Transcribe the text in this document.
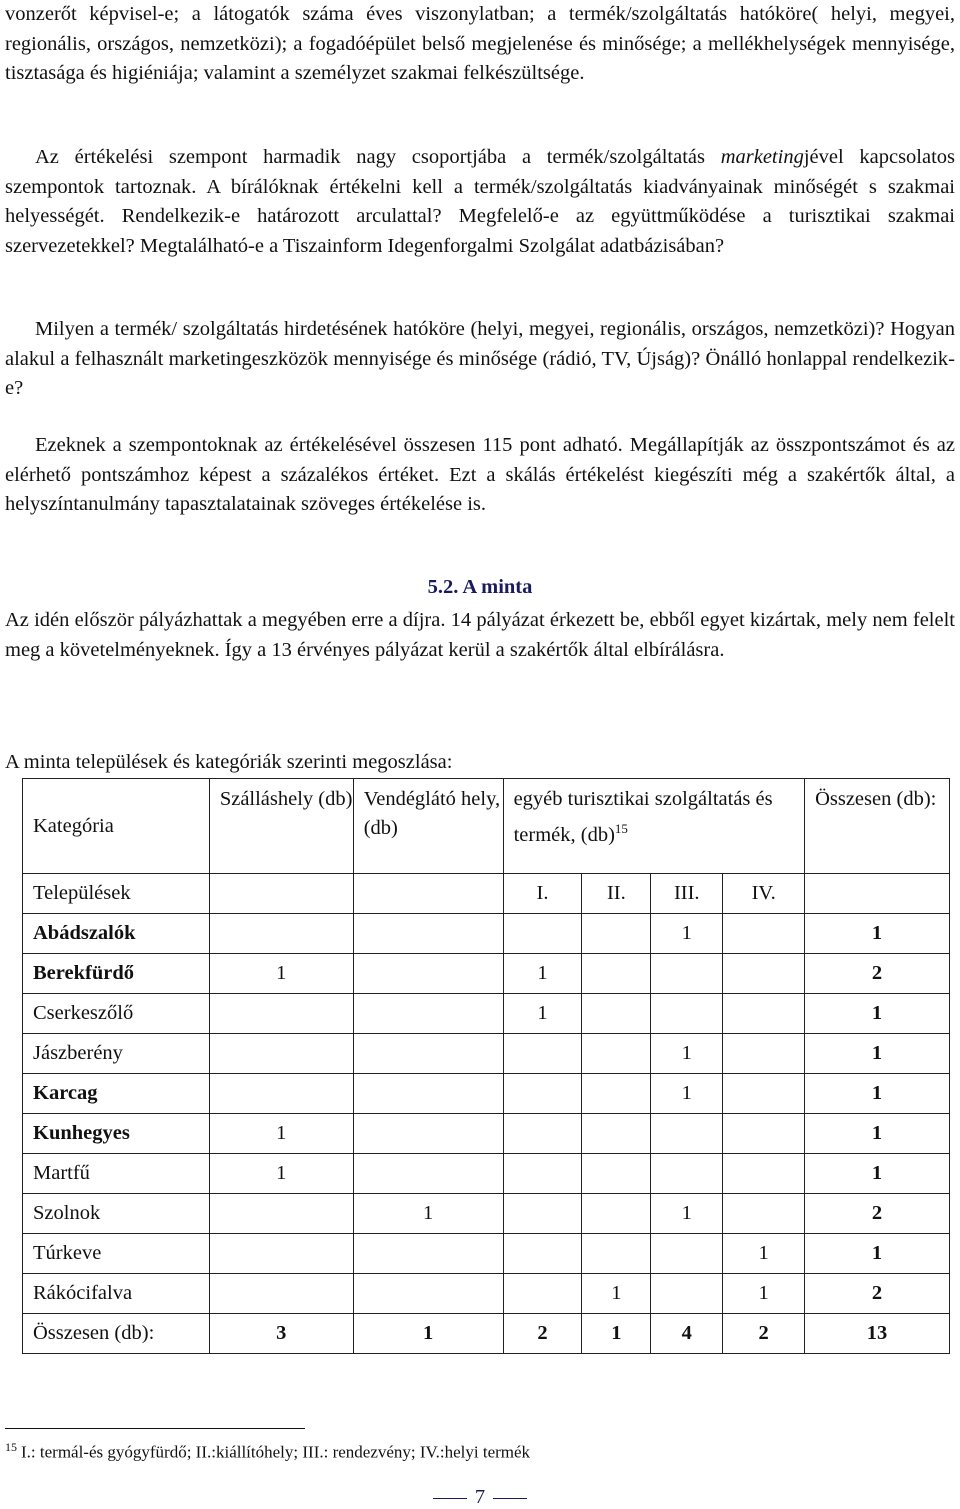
vonzerőt képvisel-e; a látogatók száma éves viszonylatban; a termék/szolgáltatás hatóköre( helyi, megyei, regionális, országos, nemzetközi); a fogadóépület belső megjelenése és minősége; a mellékhelységek mennyisége, tisztasága és higiéniája; valamint a személyzet szakmai felkészültsége.

Az értékelési szempont harmadik nagy csoportjába a termék/szolgáltatás marketingjével kapcsolatos szempontok tartoznak. A bírálóknak értékelni kell a termék/szolgáltatás kiadványainak minőségét s szakmai helyességét. Rendelkezik-e határozott arculattal? Megfelelő-e az együttműködése a turisztikai szakmai szervezetekkel? Megtalálható-e a Tiszainform Idegenforgalmi Szolgálat adatbázisában?

Milyen a termék/ szolgáltatás hirdetésének hatóköre (helyi, megyei, regionális, országos, nemzetközi)? Hogyan alakul a felhasznált marketingeszközök mennyisége és minősége (rádió, TV, Újság)? Önálló honlappal rendelkezik-e?

Ezeknek a szempontoknak az értékelésével összesen 115 pont adható. Megállapítják az összpontszámot és az elérhető pontszámhoz képest a százalékos értéket. Ezt a skálás értékelést kiegészíti még a szakértők által, a helyszíntanulmány tapasztalatainak szöveges értékelése is.

5.2. A minta

Az idén először pályázhattak a megyében erre a díjra. 14 pályázat érkezett be, ebből egyet kizártak, mely nem felelt meg a követelményeknek. Így a 13 érvényes pályázat kerül a szakértők által elbírálásra.

A minta települések és kategóriák szerinti megoszlása:
Kategória	Szálláshely (db)	Vendéglátó hely, (db)	egyéb turisztikai szolgáltatás és termék, (db)$^{15}$				Összesen (db):
Települések			I.	II.	III.	IV.	
Abádszalók					1		1
Berekfürdő	1		1				2
Cserkeszőlő			1				1
Jászberény					1		1
Karcag					1		1
Kunhegyes	1						1
Martfű	1						1
Szolnok		1			1		2
Túrkeve						1	1
Rákócifalva				1		1	2
Összesen (db):	3	1	2	1	4	2	13
$^{15}$ I.: termál-és gyógyfürdő; II.:kiállítóhely; III.: rendezvény; IV.:helyi termék
7
